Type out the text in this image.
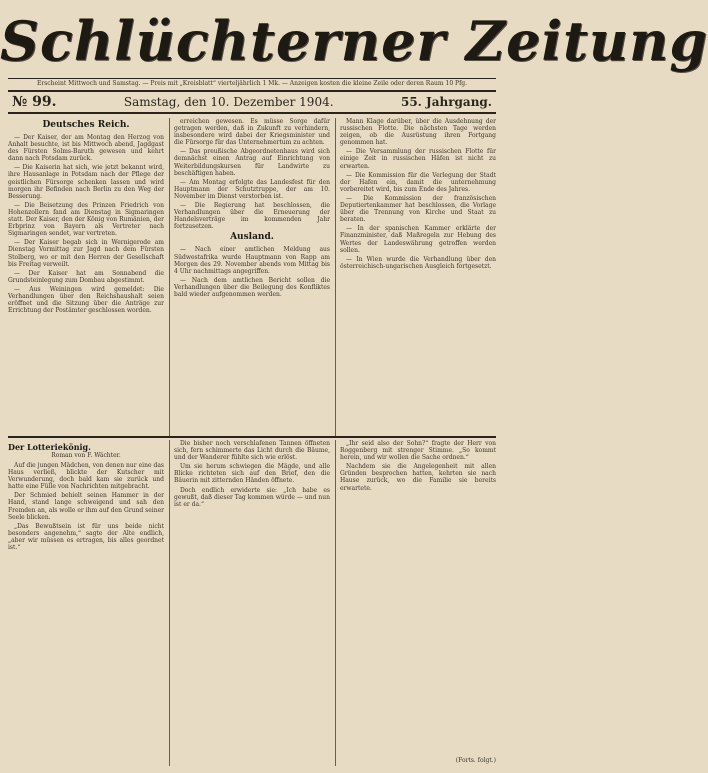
Schlüchterner Zeitung
Erscheint Mittwoch und Samstag. — Preis mit „Kreisblatt“ vierteljährlich 1 Mk. — Anzeigen kosten die kleine Zeile oder deren Raum 10 Pfg.
№ 99.	Samstag, den 10. Dezember 1904.	55. Jahrgang.
Deutsches Reich.

— Der Kaiser, der am Montag den Herzog von Anhalt besuchte, ist bis Mittwoch abend, Jagdgast des Fürsten Solms-Baruth gewesen und kehrt dann nach Potsdam zurück.

— Die Kaiserin hat sich, wie jetzt bekannt wird, ihre Hausanlage in Potsdam nach der Pflege der geistlichen Fürsorge schenken lassen und wird morgen ihr Befinden nach Berlin zu den Weg der Besserung.

— Die Beisetzung des Prinzen Friedrich von Hohenzollern fand am Dienstag in Sigmaringen statt. Der Kaiser, den der König von Rumänien, der Erbprinz von Bayern als Vertreter nach Sigmaringen sendet, war vertreten.

— Der Kaiser begab sich in Wernigerode am Dienstag Vormittag zur Jagd nach dem Fürsten Stolberg, wo er mit den Herren der Gesellschaft bis Freitag verweilt.

— Der Kaiser hat am Sonnabend die Grundsteinlegung zum Dombau abgestimmt.

— Aus Weiningen wird gemeldet: Die Verhandlungen über den Reichshaushalt seien eröffnet und die Sitzung über die Anträge zur Errichtung der Postämter geschlossen worden.

erreichen gewesen. Es müsse Sorge dafür getragen werden, daß in Zukunft zu verhindern, insbesondere wird dabei der Kriegsminister und die Fürsorge für das Unternehmertum zu achten.

— Das preußische Abgeordnetenhaus wird sich demnächst einen Antrag auf Einrichtung von Weiterbildungskursen für Landwirte zu beschäftigen haben.

— Am Montag erfolgte das Landesfest für den Hauptmann der Schutztruppe, der am 10. November im Dienst verstorben ist.

— Die Regierung hat beschlossen, die Verhandlungen über die Erneuerung der Handelsverträge im kommenden Jahr fortzusetzen.

Ausland.

— Nach einer amtlichen Meldung aus Südwestafrika wurde Hauptmann von Rapp am Morgen des 29. November abends vom Mittag bis 4 Uhr nachmittags angegriffen.

— Nach dem amtlichen Bericht sollen die Verhandlungen über die Beilegung des Konfliktes bald wieder aufgenommen werden.

Mann Klage darüber, über die Ausdehnung der russischen Flotte. Die nächsten Tage werden zeigen, ob die Ausrüstung ihren Fortgang genommen hat.

— Die Versammlung der russischen Flotte für einige Zeit in russischen Häfen ist nicht zu erwarten.

— Die Kommission für die Verlegung der Stadt der Hafen ein, damit die unternehmung vorbereitet wird, bis zum Ende des Jahres.

— Die Kommission der französischen Deputiertenkammer hat beschlossen, die Vorlage über die Trennung von Kirche und Staat zu beraten.

— In der spanischen Kammer erklärte der Finanzminister, daß Maßregeln zur Hebung des Wertes der Landeswährung getroffen werden sollen.

— In Wien wurde die Verhandlung über den österreichisch-ungarischen Ausgleich fortgesetzt.

Der Lotteriekönig.
Roman von F. Wächter.

Auf die jungen Mädchen, von denen nur eine das Haus verließ, blickte der Kutscher mit Verwunderung, doch bald kam sie zurück und hatte eine Fülle von Nachrichten mitgebracht.

Der Schmied behielt seinen Hammer in der Hand, stand lange schweigend und sah den Fremden an, als wolle er ihm auf den Grund seiner Seele blicken.

„Das Bewußtsein ist für uns beide nicht besonders angenehm,“ sagte der Alte endlich, „aber wir müssen es ertragen, bis alles geordnet ist.“

Die bisher noch verschlafenen Tannen öffneten sich, fern schimmerte das Licht durch die Bäume, und der Wanderer fühlte sich wie erlöst.

Um sie herum schwiegen die Mägde, und alle Blicke richteten sich auf den Brief, den die Bäuerin mit zitternden Händen öffnete.

Doch endlich erwiderte sie: „Ich habe es gewußt, daß dieser Tag kommen würde — und nun ist er da.“

„Ihr seid also der Sohn?“ fragte der Herr von Roggenberg mit strenger Stimme. „So kommt herein, und wir wollen die Sache ordnen.“

Nachdem sie die Angelegenheit mit allen Gründen besprochen hatten, kehrten sie nach Hause zurück, wo die Familie sie bereits erwartete.

(Forts. folgt.)
